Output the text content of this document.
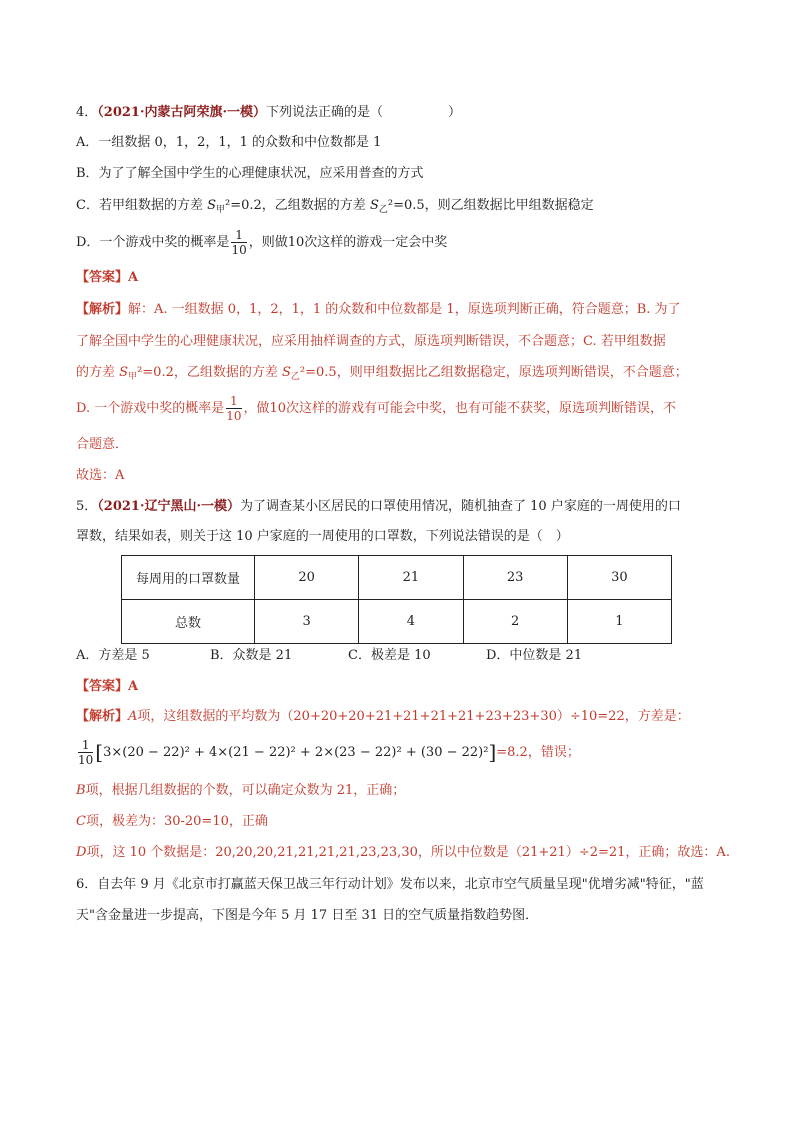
4．（2021·内蒙古阿荣旗·一模）下列说法正确的是（　　　　　）
A．一组数据 0，1，2，1，1 的众数和中位数都是 1
B．为了了解全国中学生的心理健康状况，应采用普查的方式
C．若甲组数据的方差 $S_甲^2=0.2$，乙组数据的方差 $S_乙^2=0.5$，则乙组数据比甲组数据稳定
D．一个游戏中奖的概率是 $\frac{1}{10}$ ，则做10次这样的游戏一定会中奖
【答案】A
【解析】解：A. 一组数据 0，1，2，1，1 的众数和中位数都是 1，原选项判断正确，符合题意；B. 为了
了解全国中学生的心理健康状况，应采用抽样调查的方式，原选项判断错误，不合题意；C. 若甲组数据
的方差 $S_甲^2=0.2$，乙组数据的方差 $S_乙^2=0.5$，则甲组数据比乙组数据稳定，原选项判断错误，不合题意；
D. 一个游戏中奖的概率是 $\frac{1}{10}$ ，做10次这样的游戏有可能会中奖，也有可能不获奖，原选项判断错误，不
合题意．
故选：A
5．（2021·辽宁黑山·一模）为了调查某小区居民的口罩使用情况，随机抽查了 10 户家庭的一周使用的口
罩数，结果如表，则关于这 10 户家庭的一周使用的口罩数，下列说法错误的是（　）
每周用的口罩数量	20	21	23	30
总数	3	4	2	1
A．方差是 5	B．众数是 21	C．极差是 10	D．中位数是 21
【答案】A
【解析】A项，这组数据的平均数为（20+20+20+21+21+21+21+23+23+30）÷10=22，方差是：
$\frac{1}{10} [3\times(20 - 22)^2 + 4\times(21 - 22)^2 + 2\times(23 - 22)^2 + (30 - 22)^2]=8.2$，错误；
B项，根据几组数据的个数，可以确定众数为 21，正确；
C项，极差为：30-20=10，正确
D项，这 10 个数据是：20,20,20,21,21,21,21,23,23,30，所以中位数是（21+21）÷2=21，正确；故选：A.
6．自去年 9 月《北京市打赢蓝天保卫战三年行动计划》发布以来，北京市空气质量呈现"优增劣减"特征，"蓝
天"含金量进一步提高，下图是今年 5 月 17 日至 31 日的空气质量指数趋势图．
